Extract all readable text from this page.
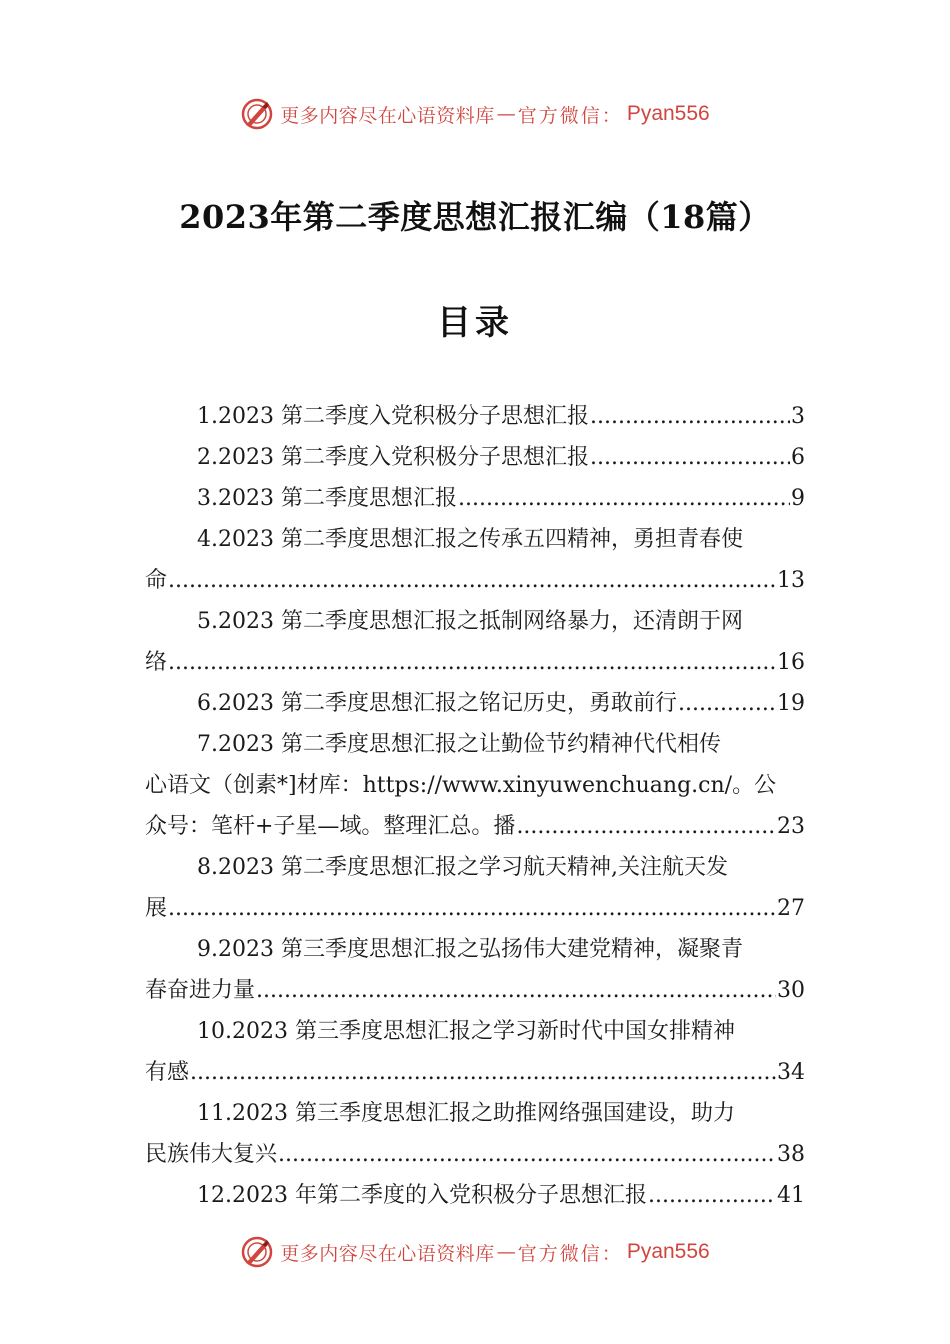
更多内容尽在心语资料库 — 官方微信： Pyan556
2023年第二季度思想汇报汇编（18篇）
目录
1.2023 第二季度入党积极分子思想汇报 .....	3
2.2023 第二季度入党积极分子思想汇报 .....	6
3.2023 第二季度思想汇报 .....	9
4.2023 第二季度思想汇报之传承五四精神，勇担青春使
命 .....	13
5.2023 第二季度思想汇报之抵制网络暴力，还清朗于网
络 .....	16
6.2023 第二季度思想汇报之铭记历史，勇敢前行 .....	19
7.2023 第二季度思想汇报之让勤俭节约精神代代相传
心语文（创素*]材库：https://www.xinyuwenchuang.cn/。公
众号：笔杆+子星—域。整理汇总。播 .....	23
8.2023 第二季度思想汇报之学习航天精神,关注航天发
展 .....	27
9.2023 第三季度思想汇报之弘扬伟大建党精神，凝聚青
春奋进力量 .....	30
10.2023 第三季度思想汇报之学习新时代中国女排精神
有感 .....	34
11.2023 第三季度思想汇报之助推网络强国建设，助力
民族伟大复兴 .....	38
12.2023 年第二季度的入党积极分子思想汇报 .....	41
更多内容尽在心语资料库 — 官方微信： Pyan556
